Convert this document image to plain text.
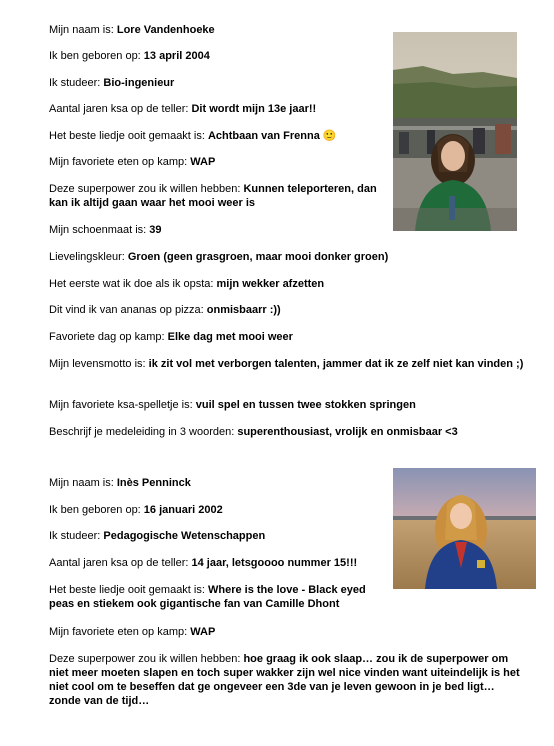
Mijn naam is: Lore Vandenhoeke
Ik ben geboren op: 13 april 2004
Ik studeer: Bio-ingenieur
Aantal jaren ksa op de teller: Dit wordt mijn 13e jaar!!
Het beste liedje ooit gemaakt is: Achtbaan van Frenna 🙂
Mijn favoriete eten op kamp: WAP
Deze superpower zou ik willen hebben: Kunnen teleporteren, dan kan ik altijd gaan waar het mooi weer is
Mijn schoenmaat is: 39
Lievelingskleur: Groen (geen grasgroen, maar mooi donker groen)
Het eerste wat ik doe als ik opsta: mijn wekker afzetten
Dit vind ik van ananas op pizza: onmisbaarr :))
Favoriete dag op kamp: Elke dag met mooi weer
Mijn levensmotto is: ik zit vol met verborgen talenten, jammer dat ik ze zelf niet kan vinden ;)
Mijn favoriete ksa-spelletje is: vuil spel en tussen twee stokken springen
Beschrijf je medeleiding in 3 woorden: superenthousiast, vrolijk en onmisbaar <3
Mijn naam is: Inès Penninck
Ik ben geboren op: 16 januari 2002
Ik studeer: Pedagogische Wetenschappen
Aantal jaren ksa op de teller: 14 jaar, letsgoooo nummer 15!!!
Het beste liedje ooit gemaakt is: Where is the love - Black eyed peas en stiekem ook gigantische fan van Camille Dhont
Mijn favoriete eten op kamp: WAP
Deze superpower zou ik willen hebben: hoe graag ik ook slaap… zou ik de superpower om niet meer moeten slapen en toch super wakker zijn wel nice vinden want uiteindelijk is het niet cool om te beseffen dat ge ongeveer een 3de van je leven gewoon in je bed ligt… zonde van de tijd…
